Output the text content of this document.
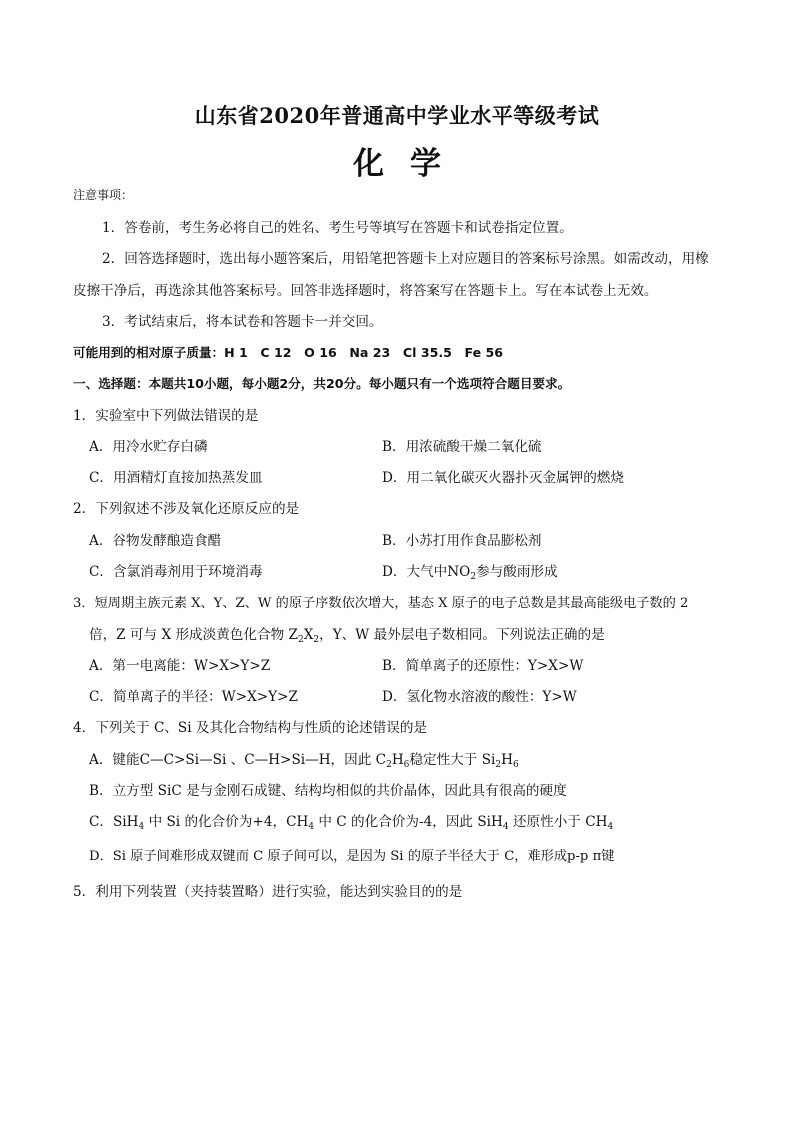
山东省2020年普通高中学业水平等级考试
化学
注意事项：
1．答卷前，考生务必将自己的姓名、考生号等填写在答题卡和试卷指定位置。
2．回答选择题时，选出每小题答案后，用铅笔把答题卡上对应题目的答案标号涂黑。如需改动，用橡
皮擦干净后，再选涂其他答案标号。回答非选择题时，将答案写在答题卡上。写在本试卷上无效。
3．考试结束后，将本试卷和答题卡一并交回。
可能用到的相对原子质量：H 1　C 12　O 16　Na 23　Cl 35.5　Fe 56
一、选择题：本题共10小题，每小题2分，共20分。每小题只有一个选项符合题目要求。
1．实验室中下列做法错误的是
A．用冷水贮存白磷	B．用浓硫酸干燥二氧化硫
C．用酒精灯直接加热蒸发皿	D．用二氧化碳灭火器扑灭金属钾的燃烧
2．下列叙述不涉及氧化还原反应的是
A．谷物发酵酿造食醋	B．小苏打用作食品膨松剂
C．含氯消毒剂用于环境消毒	D．大气中$NO_2$参与酸雨形成
3．短周期主族元素 X、Y、Z、W 的原子序数依次增大，基态 X 原子的电子总数是其最高能级电子数的 2
倍，Z 可与 X 形成淡黄色化合物 $Z_2X_2$，Y、W 最外层电子数相同。下列说法正确的是
A．第一电离能：W>X>Y>Z	B．简单离子的还原性：Y>X>W
C．简单离子的半径：W>X>Y>Z	D．氢化物水溶液的酸性：Y>W
4．下列关于 C、Si 及其化合物结构与性质的论述错误的是
A．键能C—C>Si—Si 、C—H>Si—H，因此 $C_2H_6$稳定性大于 $Si_2H_6$
B．立方型 SiC 是与金刚石成键、结构均相似的共价晶体，因此具有很高的硬度
C．SiH$_4$ 中 Si 的化合价为+4，$CH_4$ 中 C 的化合价为-4，因此 SiH$_4$ 还原性小于 $CH_4$
D．Si 原子间难形成双键而 C 原子间可以，是因为 Si 的原子半径大于 C，难形成p-p π键
5．利用下列装置（夹持装置略）进行实验，能达到实验目的的是
